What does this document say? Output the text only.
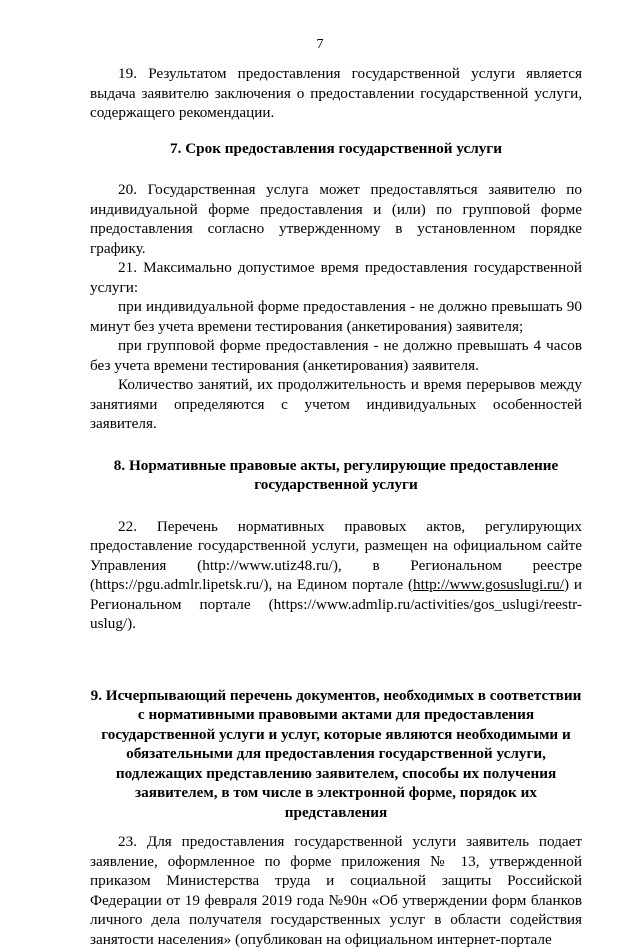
7

19. Результатом предоставления государственной услуги является выдача заявителю заключения о предоставлении государственной услуги, содержащего рекомендации.

7. Срок предоставления государственной услуги

20. Государственная услуга может предоставляться заявителю по индивидуальной форме предоставления и (или) по групповой форме предоставления согласно утвержденному в установленном порядке графику.

21. Максимально допустимое время предоставления государственной услуги:

при индивидуальной форме предоставления - не должно превышать 90 минут без учета времени тестирования (анкетирования) заявителя;

при групповой форме предоставления - не должно превышать 4 часов без учета времени тестирования (анкетирования) заявителя.

Количество занятий, их продолжительность и время перерывов между занятиями определяются с учетом индивидуальных особенностей заявителя.

8. Нормативные правовые акты, регулирующие предоставление государственной услуги

22. Перечень нормативных правовых актов, регулирующих предоставление государственной услуги, размещен на официальном сайте Управления (http://www.utiz48.ru/), в Региональном реестре (https://pgu.admlr.lipetsk.ru/), на Едином портале (http://www.gosuslugi.ru/) и Региональном портале (https://www.admlip.ru/activities/gos_uslugi/reestr-uslug/).

9. Исчерпывающий перечень документов, необходимых в соответствии с нормативными правовыми актами для предоставления государственной услуги и услуг, которые являются необходимыми и обязательными для предоставления государственной услуги, подлежащих представлению заявителем, способы их получения заявителем, в том числе в электронной форме, порядок их представления

23. Для предоставления государственной услуги заявитель подает заявление, оформленное по форме приложения № 13, утвержденной приказом Министерства труда и социальной защиты Российской Федерации от 19 февраля 2019 года №90н «Об утверждении форм бланков личного дела получателя государственных услуг в области содействия занятости населения» (опубликован на официальном интернет-портале
